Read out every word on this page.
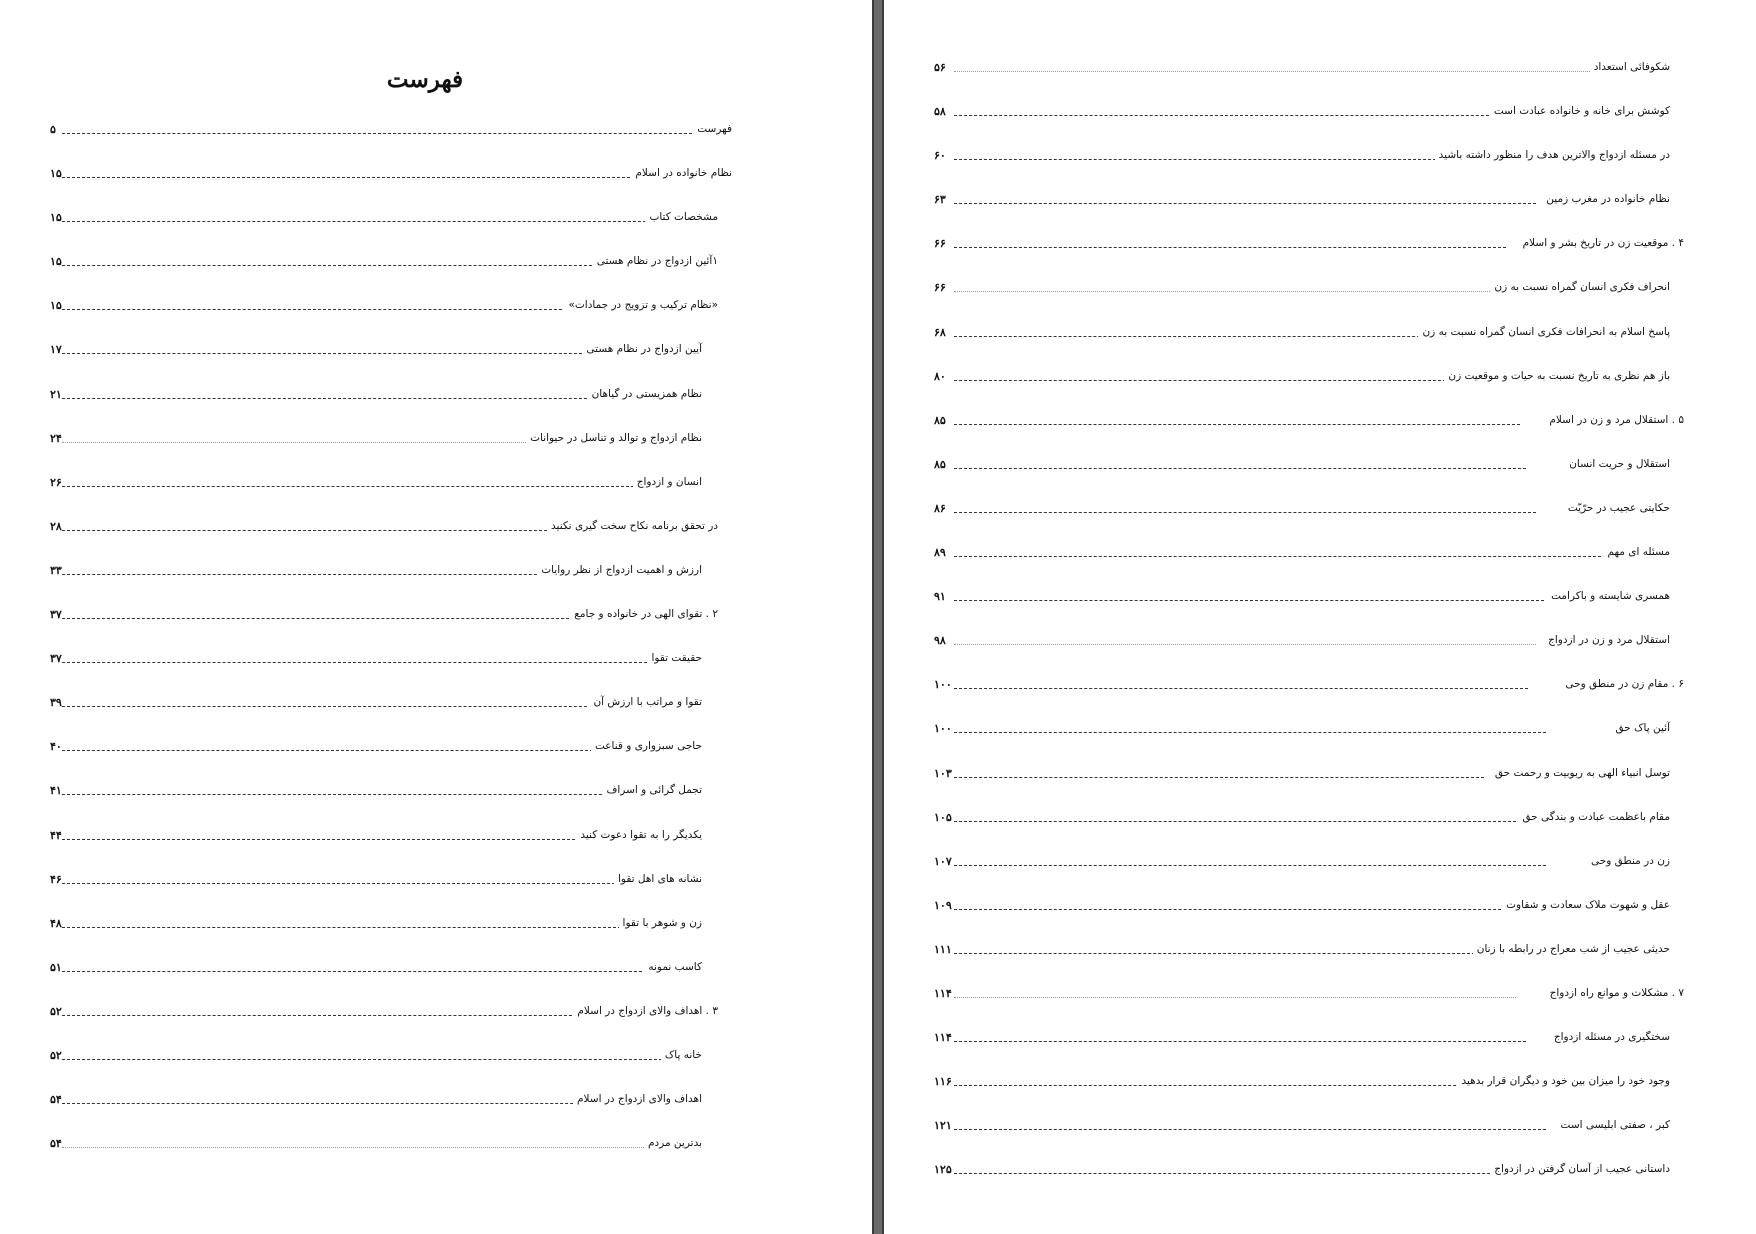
فهرست
۵	فهرست
۱۵	نظام خانواده در اسلام
۱۵	مشخصات کتاب
۱۵	۱آئین ازدواج در نظام هستی
۱۵	«نظام ترکیب و تزویج در جمادات»
۱۷	آیین ازدواج در نظام هستی
۲۱	نظام همزیستی در گیاهان
۲۴	نظام ازدواج و توالد و تناسل در حیوانات
۲۶	انسان و ازدواج
۲۸	در تحقق برنامه نکاح سخت گیری نکنید
۳۳	ارزش و اهمیت ازدواج از نظر روایات
۳۷	۲ . تقوای الهی در خانواده و جامع
۳۷	حقیقت تقوا
۳۹	تقوا و مراتب با ارزش آن
۴۰	حاجی سبزواری و قناعت
۴۱	تجمل گرائی و اسراف
۴۴	یکدیگر را به تقوا دعوت کنید
۴۶	نشانه های اهل تقوا
۴۸	زن و شوهر با تقوا
۵۱	کاسب نمونه
۵۲	۳ . اهداف والای ازدواج در اسلام
۵۲	خانه پاک
۵۴	اهداف والای ازدواج در اسلام
۵۴	بدترین مردم
۵۶	شکوفائی استعداد
۵۸	کوشش برای خانه و خانواده عبادت است
۶۰	در مسئله ازدواج والاترین هدف را منظور داشته باشید
۶۳	نظام خانواده در مغرب زمین
۶۶	۴ . موقعیت زن در تاریخ بشر و اسلام
۶۶	انحراف فکری انسان گمراه نسبت به زن
۶۸	پاسخ اسلام به انحرافات فکری انسان گمراه نسبت به زن
۸۰	باز هم نظری به تاریخ نسبت به حیات و موقعیت زن
۸۵	۵ . استقلال مرد و زن در اسلام
۸۵	استقلال و حریت انسان
۸۶	حکایتی عجیب در حرّیّت
۸۹	مسئله ای مهم
۹۱	همسری شایسته و باکرامت
۹۸	استقلال مرد و زن در ازدواج
۱۰۰	۶ . مقام زن در منطق وحی
۱۰۰	آئین پاک حق
۱۰۳	توسل انبیاء الهی به ربوبیت و رحمت حق
۱۰۵	مقام باعظمت عبادت و بندگی حق
۱۰۷	زن در منطق وحی
۱۰۹	عقل و شهوت ملاک سعادت و شقاوت
۱۱۱	حدیثی عجیب از شب معراج در رابطه با زنان
۱۱۴	۷ . مشکلات و موانع راه ازدواج
۱۱۴	سختگیری در مسئله ازدواج
۱۱۶	وجود خود را میزان بین خود و دیگران قرار بدهید
۱۲۱	کبر ، صفتی ابلیسی است
۱۲۵	داستانی عجیب از آسان گرفتن در ازدواج
